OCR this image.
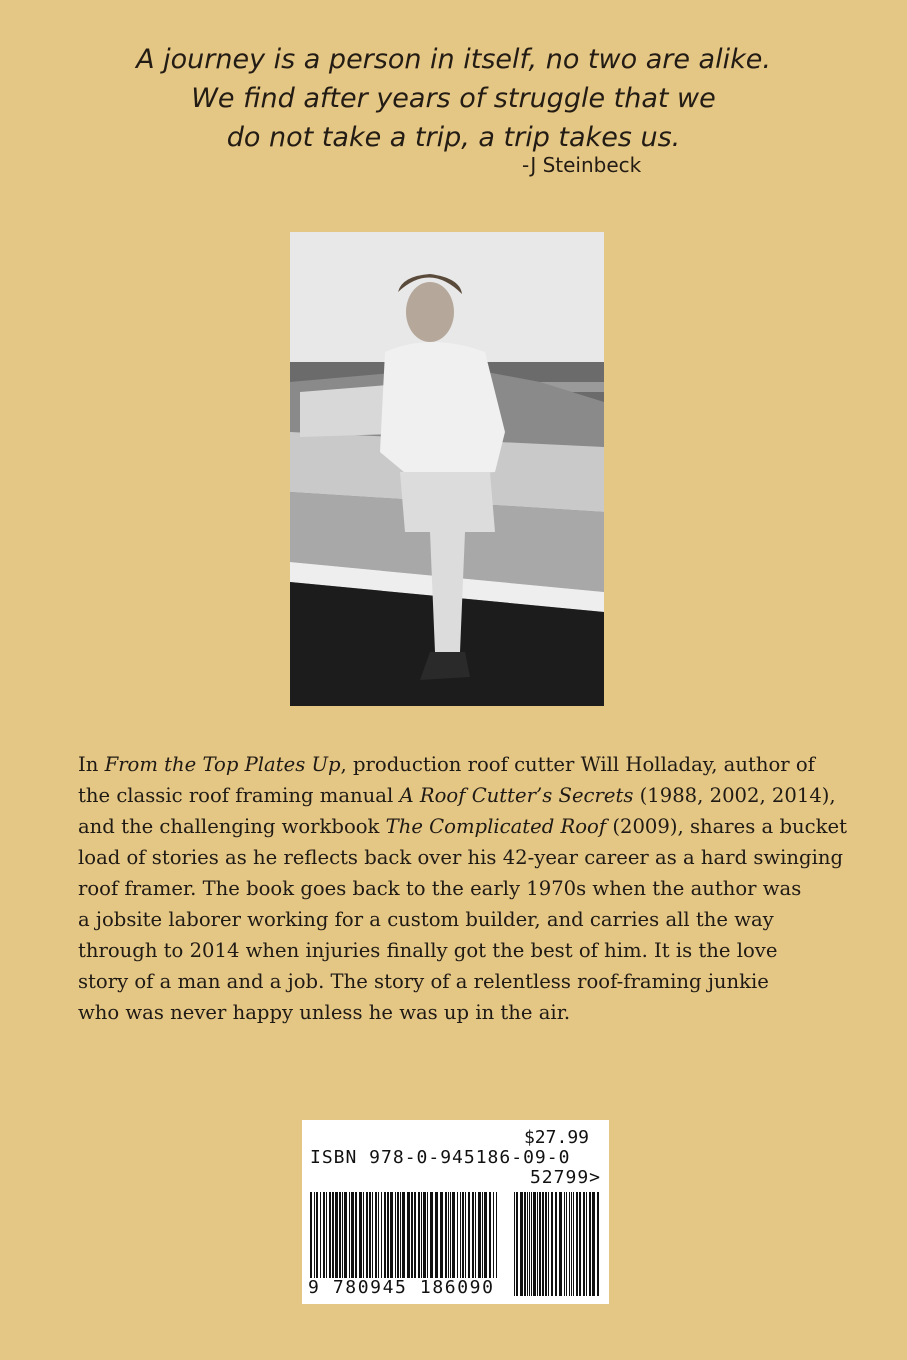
A journey is a person in itself, no two are alike.
We find after years of struggle that we
do not take a trip, a trip takes us.
-J Steinbeck
In From the Top Plates Up, production roof cutter Will Holladay, author of
the classic roof framing manual A Roof Cutter’s Secrets (1988, 2002, 2014),
and the challenging workbook The Complicated Roof (2009), shares a bucket
load of stories as he reflects back over his 42-year career as a hard swinging
roof framer. The book goes back to the early 1970s when the author was
a jobsite laborer working for a custom builder, and carries all the way
through to 2014 when injuries finally got the best of him. It is the love
story of a man and a job. The story of a relentless roof-framing junkie
who was never happy unless he was up in the air.
$27.99
ISBN 978-0-945186-09-0
52799>
9 780945 186090
